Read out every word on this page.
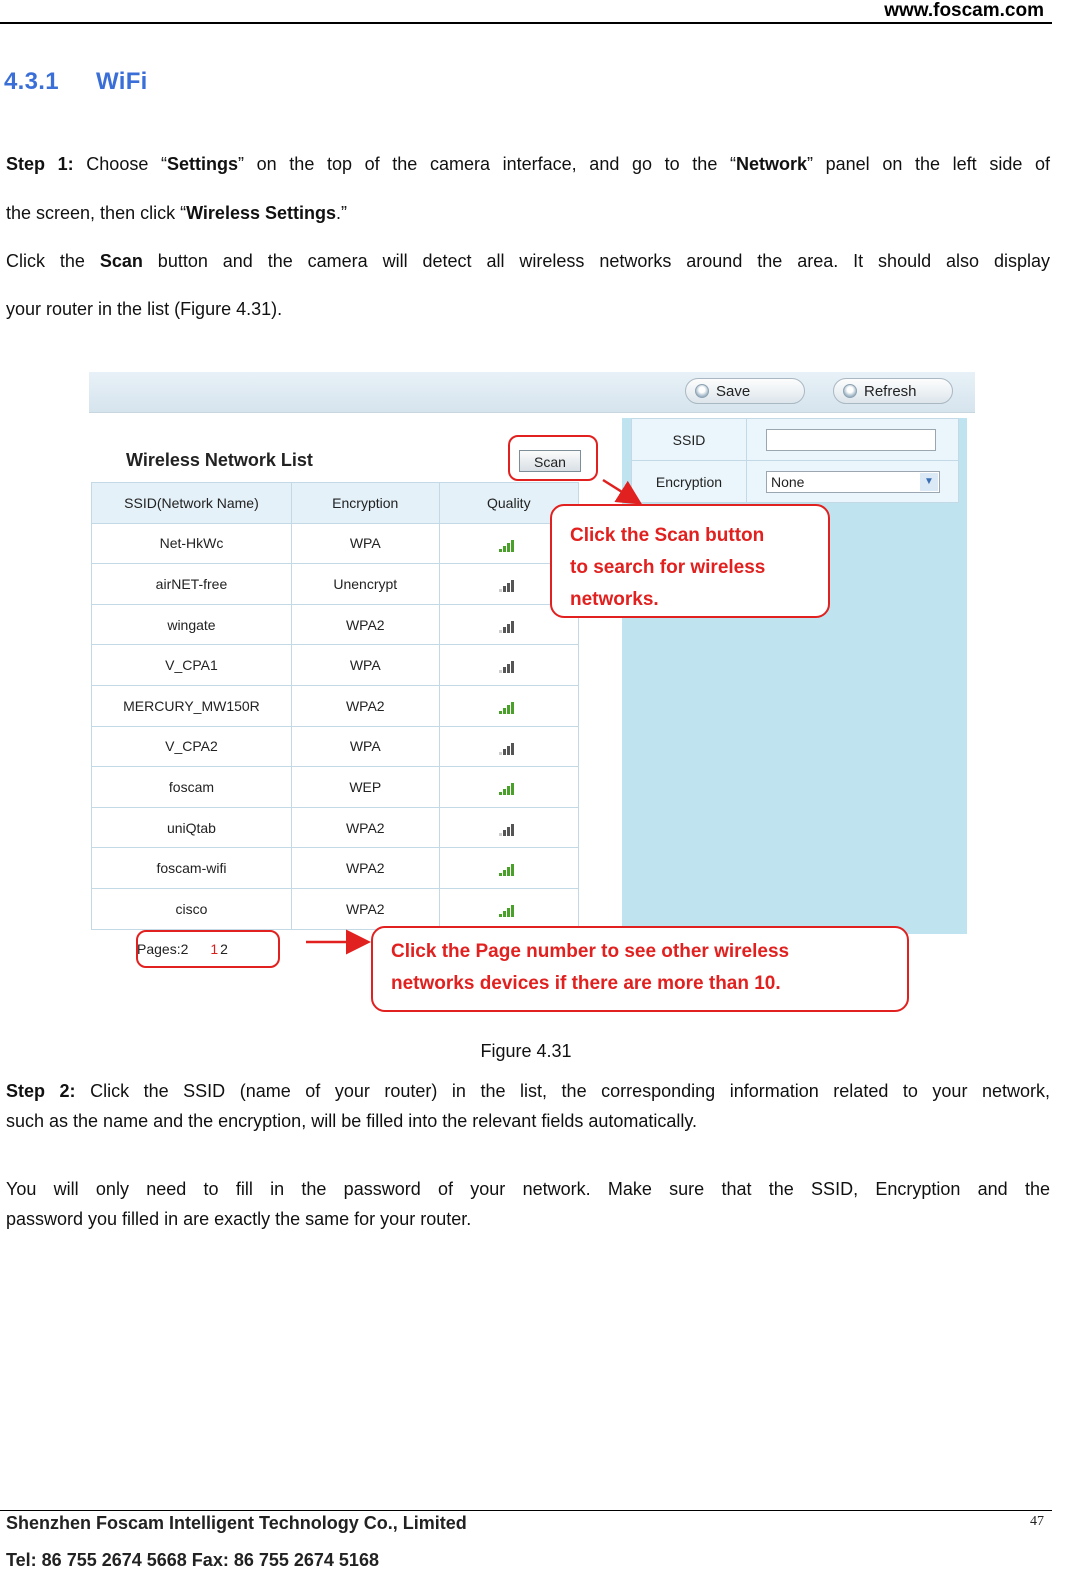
www.foscam.com
4.3.1 WiFi
Step 1: Choose “Settings” on the top of the camera interface, and go to the “Network” panel on the left side of
the screen, then click “Wireless Settings.”
Click the Scan button and the camera will detect all wireless networks around the area. It should also display
your router in the list (Figure 4.31).
Save	Refresh
SSID	

Encryption	None ▼
Wireless Network List	Scan
SSID(Network Name)	Encryption	Quality
Net-HkWc	WPA	

airNET-free	Unencrypt	

wingate	WPA2	

V_CPA1	WPA	

MERCURY_MW150R	WPA2	

V_CPA2	WPA	

foscam	WEP	

uniQtab	WPA2	

foscam-wifi	WPA2	

cisco	WPA2	
Pages:2 1 2
Click the Scan button
to search for wireless
networks.
Click the Page number to see other wireless
networks devices if there are more than 10.
Figure 4.31
Step 2: Click the SSID (name of your router) in the list, the corresponding information related to your network,
such as the name and the encryption, will be filled into the relevant fields automatically.
You will only need to fill in the password of your network. Make sure that the SSID, Encryption and the
password you filled in are exactly the same for your router.
Shenzhen Foscam Intelligent Technology Co., Limited
Tel: 86 755 2674 5668 Fax: 86 755 2674 5168
47
